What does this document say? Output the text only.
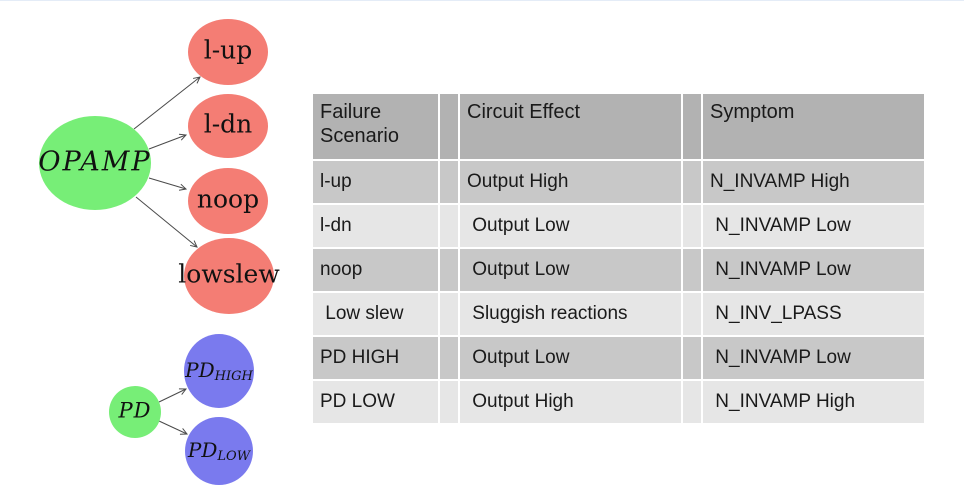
OPAMP
l-up
l-dn
noop
lowslew
PD
$PD_{HIGH}$
$PD_{LOW}$
Failure Scenario		Circuit Effect		Symptom
l-up		Output High		N_INVAMP High
l-dn		Output Low		N_INVAMP Low
noop		Output Low		N_INVAMP Low
Low slew		Sluggish reactions		N_INV_LPASS
PD HIGH		Output Low		N_INVAMP Low
PD LOW		Output High		N_INVAMP High
